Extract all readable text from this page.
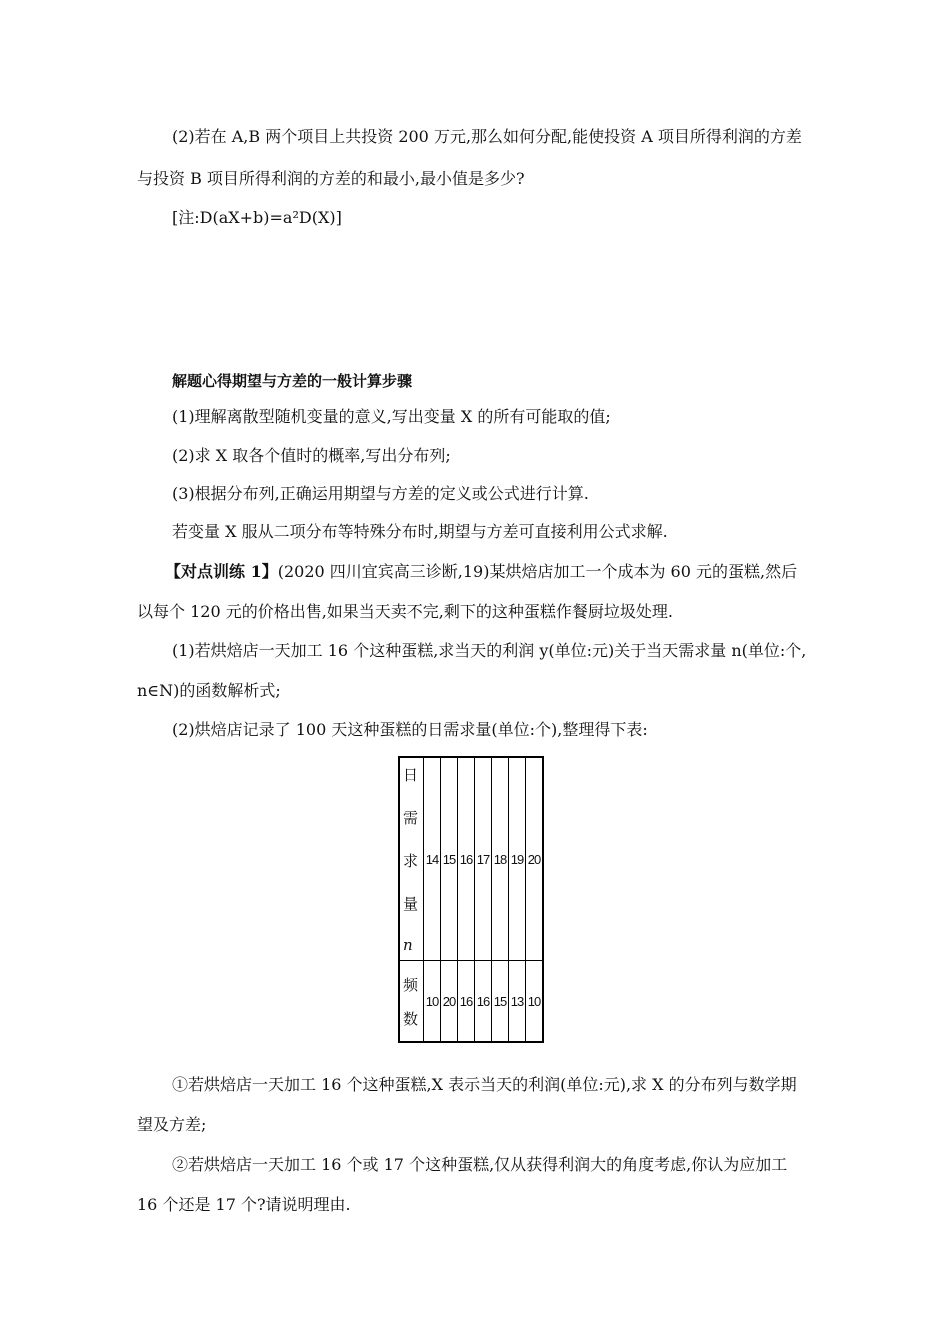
(2)若在 A,B 两个项目上共投资 200 万元,那么如何分配,能使投资 A 项目所得利润的方差
与投资 B 项目所得利润的方差的和最小,最小值是多少?
[注:D(aX+b)=a²D(X)]
解题心得期望与方差的一般计算步骤
(1)理解离散型随机变量的意义,写出变量 X 的所有可能取的值;
(2)求 X 取各个值时的概率,写出分布列;
(3)根据分布列,正确运用期望与方差的定义或公式进行计算.
若变量 X 服从二项分布等特殊分布时,期望与方差可直接利用公式求解.
【对点训练 1】(2020 四川宜宾高三诊断,19)某烘焙店加工一个成本为 60 元的蛋糕,然后
以每个 120 元的价格出售,如果当天卖不完,剩下的这种蛋糕作餐厨垃圾处理.
(1)若烘焙店一天加工 16 个这种蛋糕,求当天的利润 y(单位:元)关于当天需求量 n(单位:个,
n∈N)的函数解析式;
(2)烘焙店记录了 100 天这种蛋糕的日需求量(单位:个),整理得下表:
日
需
求
量
n	14	15	16	17	18	19	20

频
数	10	20	16	16	15	13	10
①若烘焙店一天加工 16 个这种蛋糕,X 表示当天的利润(单位:元),求 X 的分布列与数学期
望及方差;
②若烘焙店一天加工 16 个或 17 个这种蛋糕,仅从获得利润大的角度考虑,你认为应加工
16 个还是 17 个?请说明理由.
